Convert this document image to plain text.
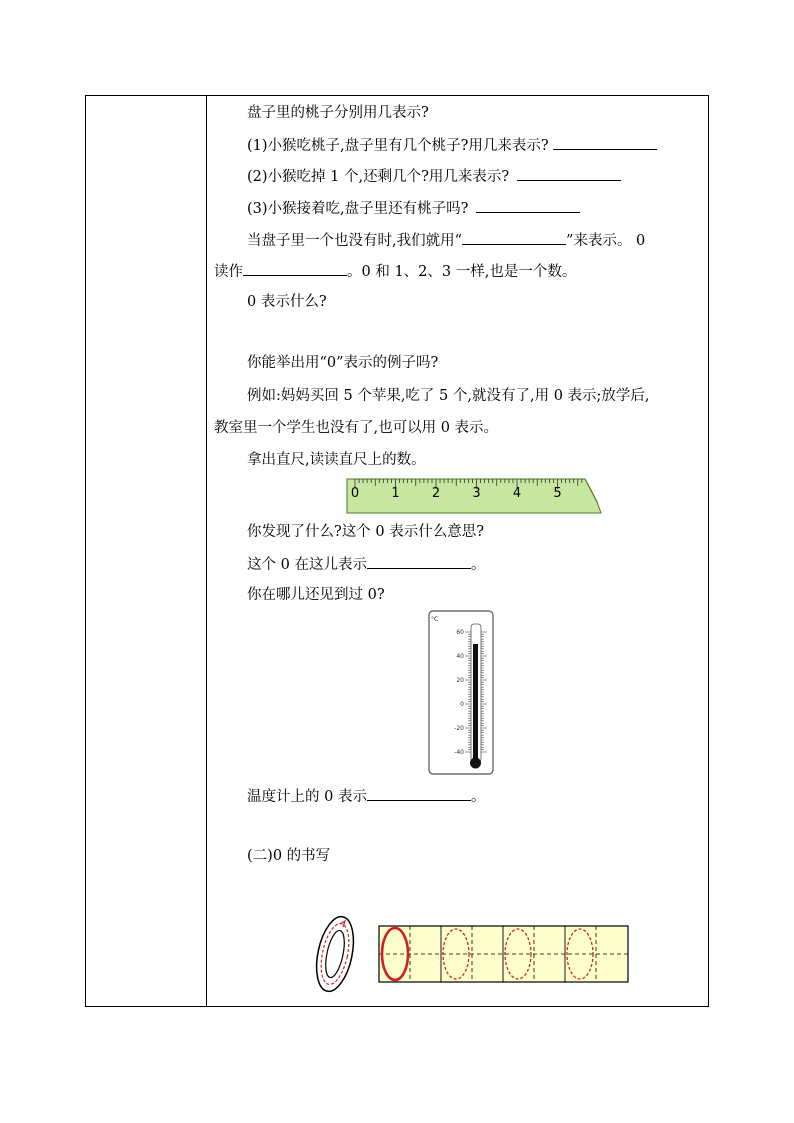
盘子里的桃子分别用几表示?
(1)小猴吃桃子,盘子里有几个桃子?用几来表示?
(2)小猴吃掉 1 个,还剩几个?用几来表示?
(3)小猴接着吃,盘子里还有桃子吗?
当盘子里一个也没有时,我们就用“	”来表示。 0
读作	。0 和 1、2、3 一样,也是一个数。
0 表示什么?
你能举出用“0”表示的例子吗?
例如:妈妈买回 5 个苹果,吃了 5 个,就没有了,用 0 表示;放学后,
教室里一个学生也没有了,也可以用 0 表示。
拿出直尺,读读直尺上的数。
0 1 2 3 4 5
你发现了什么?这个 0 表示什么意思?
这个 0 在这儿表示	。
你在哪儿还见到过 0?
°C
60
40
20
0
-20
-40
温度计上的 0 表示	。
(二)0 的书写
